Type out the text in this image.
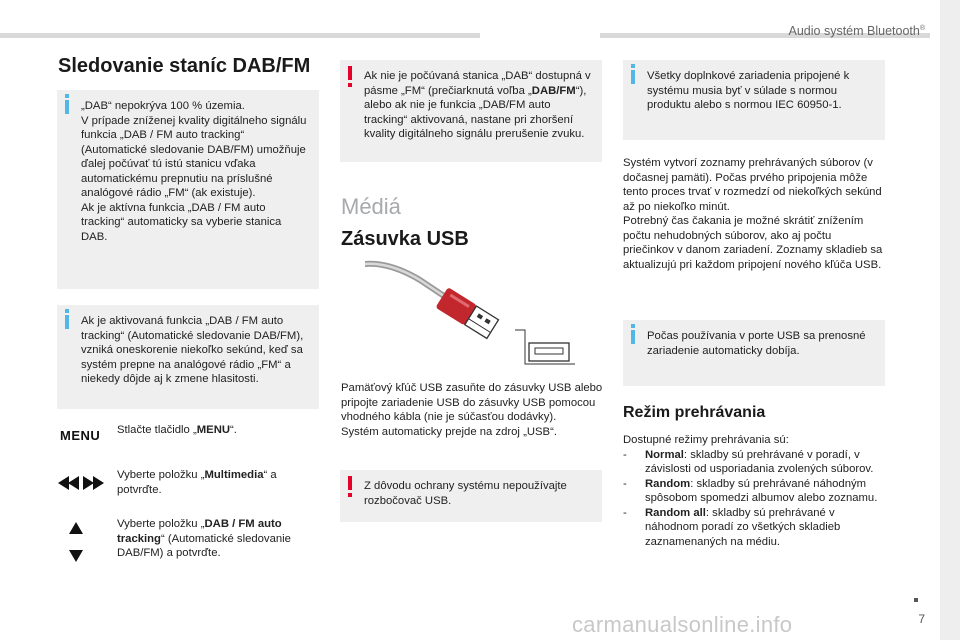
Audio systém Bluetooth®
Sledovanie staníc DAB/FM

„DAB“ nepokrýva 100 % územia.
V prípade zníženej kvality digitálneho signálu funkcia „DAB / FM auto tracking“ (Automatické sledovanie DAB/FM) umožňuje ďalej počúvať tú istú stanicu vďaka automatickému prepnutiu na príslušné analógové rádio „FM“ (ak existuje).
Ak je aktívna funkcia „DAB / FM auto tracking“ automaticky sa vyberie stanica DAB.

Ak je aktivovaná funkcia „DAB / FM auto tracking“ (Automatické sledovanie DAB/FM), vzniká oneskorenie niekoľko sekúnd, keď sa systém prepne na analógové rádio „FM“ a niekedy dôjde aj k zmene hlasitosti.

MENU Stlačte tlačidlo „MENU“.
Vyberte položku „Multimedia“ a potvrďte.
Vyberte položku „DAB / FM auto tracking“ (Automatické sledovanie DAB/FM) a potvrďte.

Ak nie je počúvaná stanica „DAB“ dostupná v pásme „FM“ (prečiarknutá voľba „DAB/FM“), alebo ak nie je funkcia „DAB/FM auto tracking“ aktivovaná, nastane pri zhoršení kvality digitálneho signálu prerušenie zvuku.

Médiá
Zásuvka USB
Pamäťový kľúč USB zasuňte do zásuvky USB alebo pripojte zariadenie USB do zásuvky USB pomocou vhodného kábla (nie je súčasťou dodávky).
Systém automaticky prejde na zdroj „USB“.

Z dôvodu ochrany systému nepoužívajte rozbočovač USB.

Všetky doplnkové zariadenia pripojené k systému musia byť v súlade s normou produktu alebo s normou IEC 60950-1.

Systém vytvorí zoznamy prehrávaných súborov (v dočasnej pamäti). Počas prvého pripojenia môže tento proces trvať v rozmedzí od niekoľkých sekúnd až po niekoľko minút.
Potrebný čas čakania je možné skrátiť znížením počtu nehudobných súborov, ako aj počtu priečinkov v danom zariadení. Zoznamy skladieb sa aktualizujú pri každom pripojení nového kľúča USB.

Počas používania v porte USB sa prenosné zariadenie automaticky dobíja.

Režim prehrávania

Dostupné režimy prehrávania sú:

- Normal: skladby sú prehrávané v poradí, v závislosti od usporiadania zvolených súborov.
- Random: skladby sú prehrávané náhodným spôsobom spomedzi albumov alebo zoznamu.
- Random all: skladby sú prehrávané v náhodnom poradí zo všetkých skladieb zaznamenaných na médiu.
7
carmanualsonline.info
